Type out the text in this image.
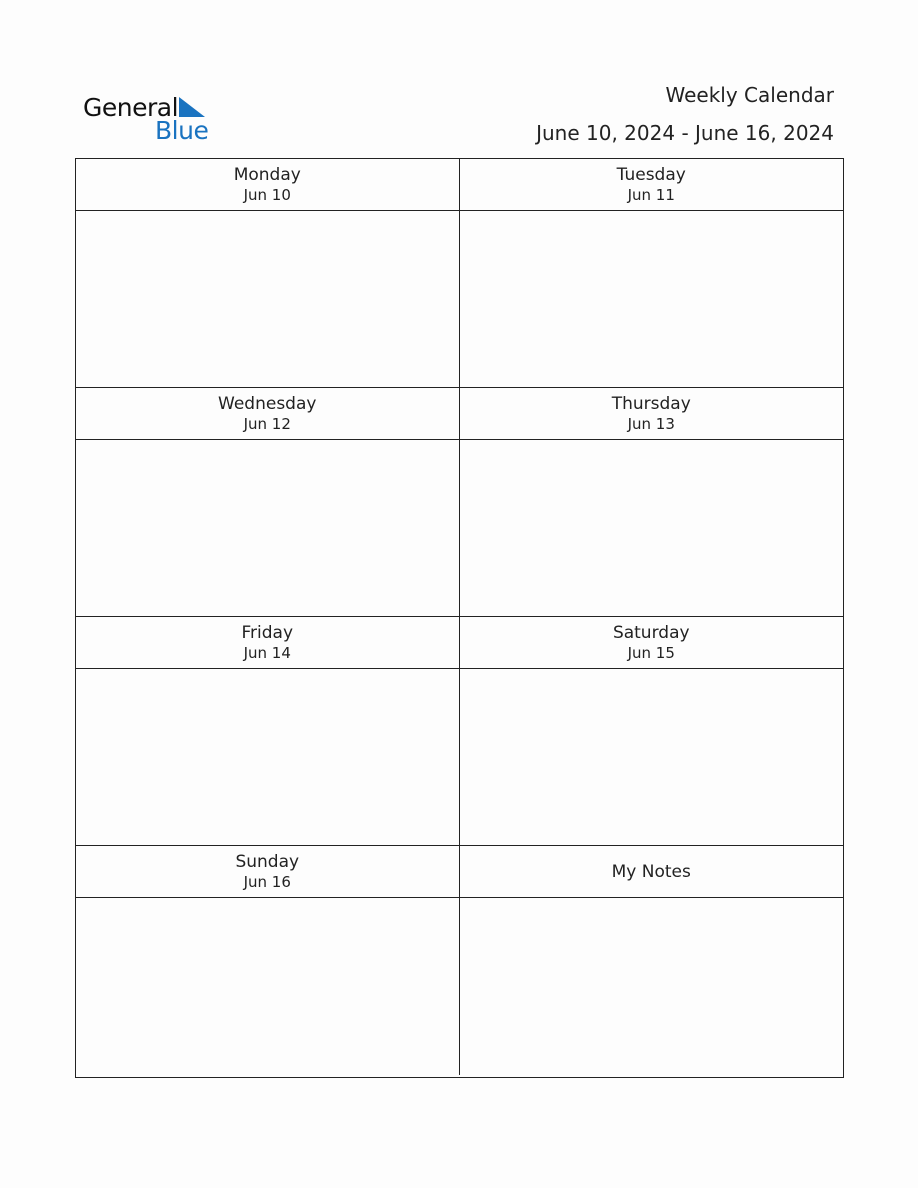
General
Blue
Weekly Calendar
June 10, 2024 - June 16, 2024
Monday
Jun 10
Tuesday
Jun 11
Wednesday
Jun 12
Thursday
Jun 13
Friday
Jun 14
Saturday
Jun 15
Sunday
Jun 16	My Notes
